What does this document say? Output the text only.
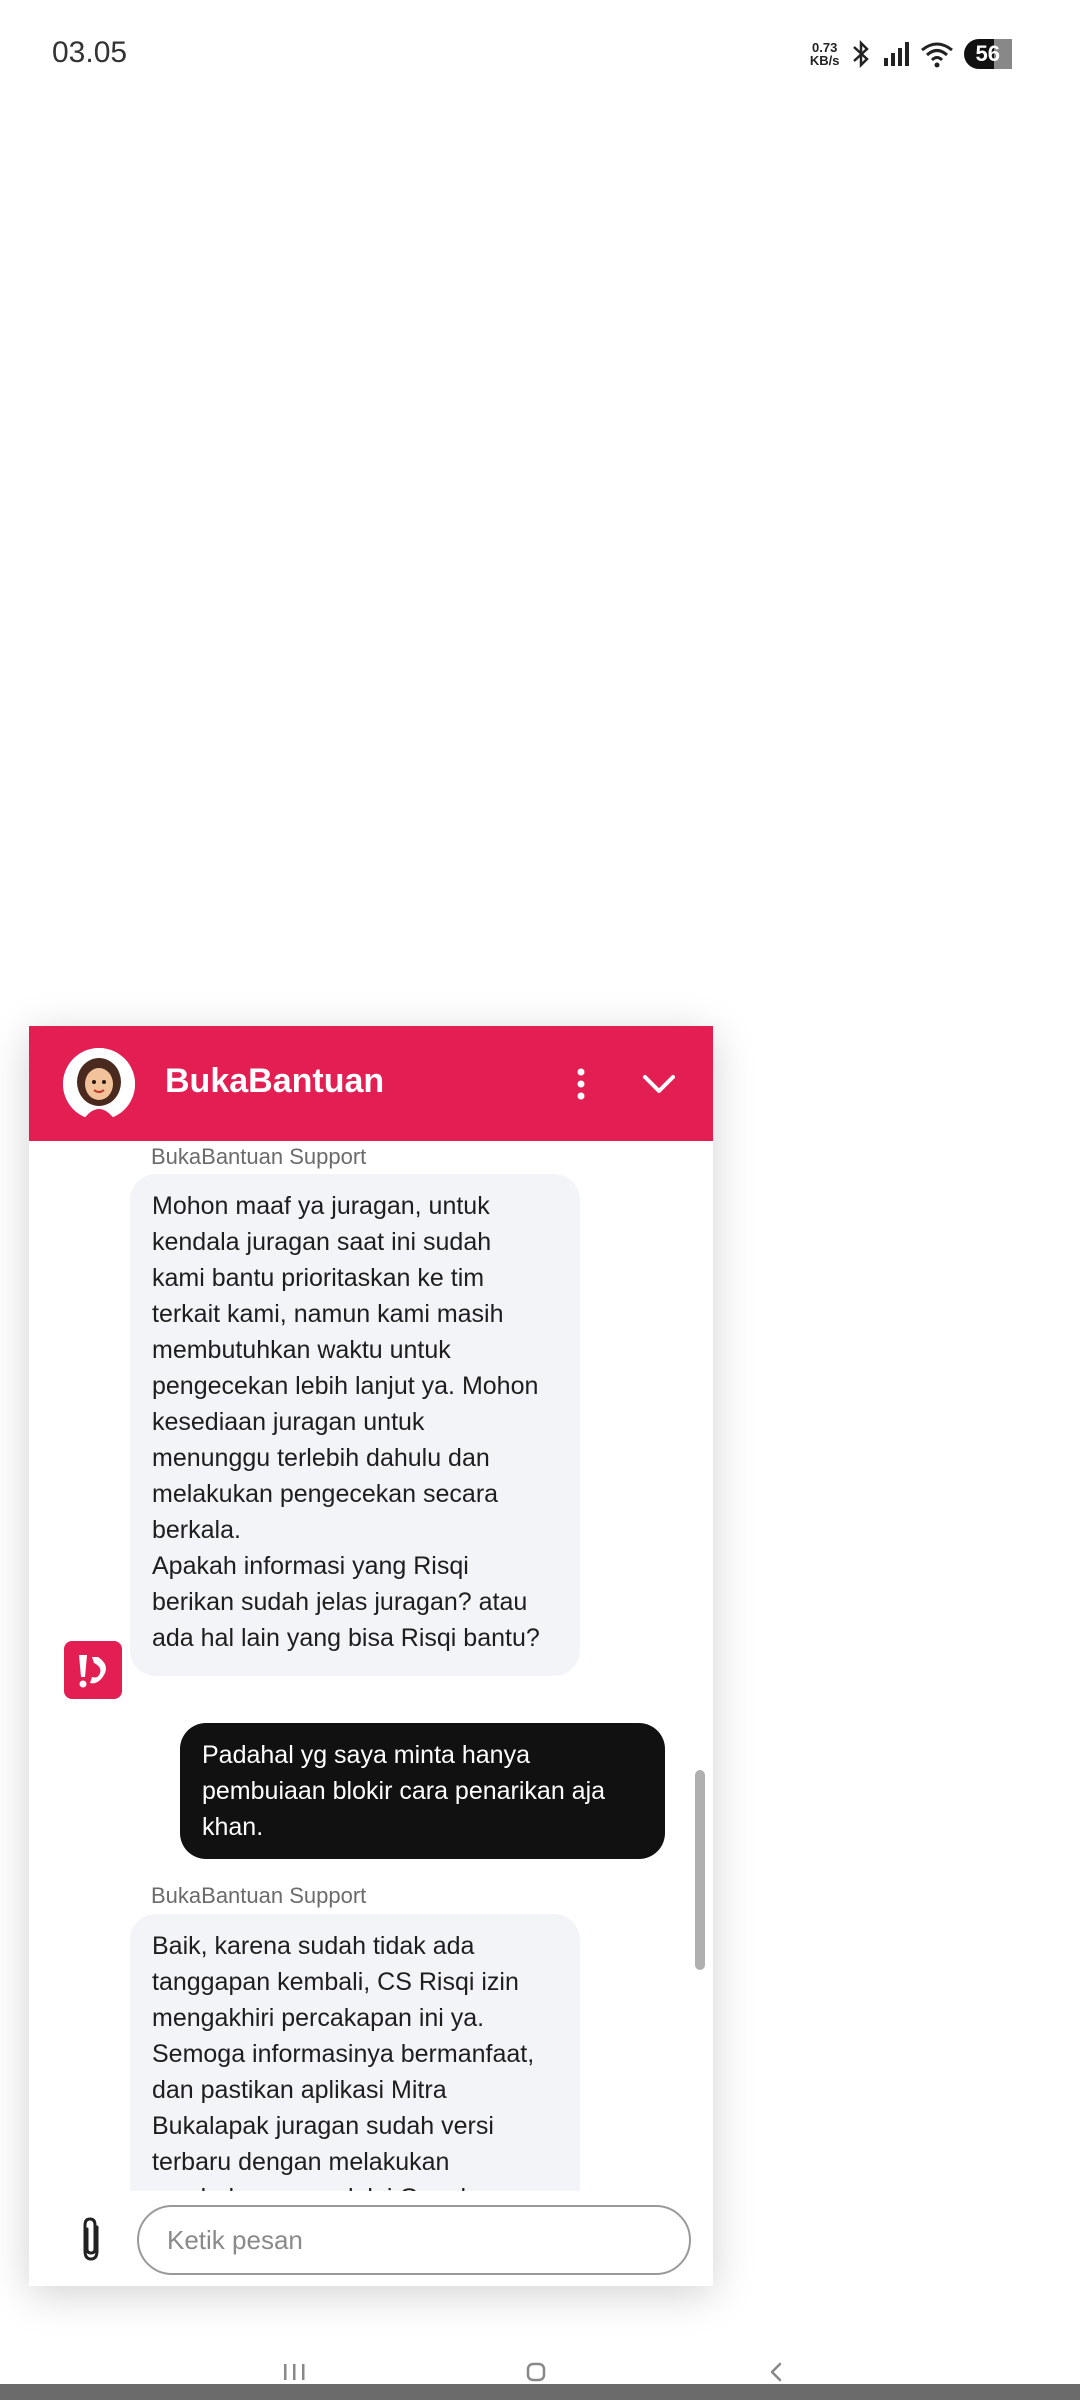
03.05	0.73
KB/s	56
BukaBantuan
BukaBantuan Support
Mohon maaf ya juragan, untuk
kendala juragan saat ini sudah
kami bantu prioritaskan ke tim
terkait kami, namun kami masih
membutuhkan waktu untuk
pengecekan lebih lanjut ya. Mohon
kesediaan juragan untuk
menunggu terlebih dahulu dan
melakukan pengecekan secara
berkala.
Apakah informasi yang Risqi
berikan sudah jelas juragan? atau
ada hal lain yang bisa Risqi bantu?
Padahal yg saya minta hanya
pembuiaan blokir cara penarikan aja
khan.
BukaBantuan Support
Baik, karena sudah tidak ada
tanggapan kembali, CS Risqi izin
mengakhiri percakapan ini ya.
Semoga informasinya bermanfaat,
dan pastikan aplikasi Mitra
Bukalapak juragan sudah versi
terbaru dengan melakukan

Ketik pesan
